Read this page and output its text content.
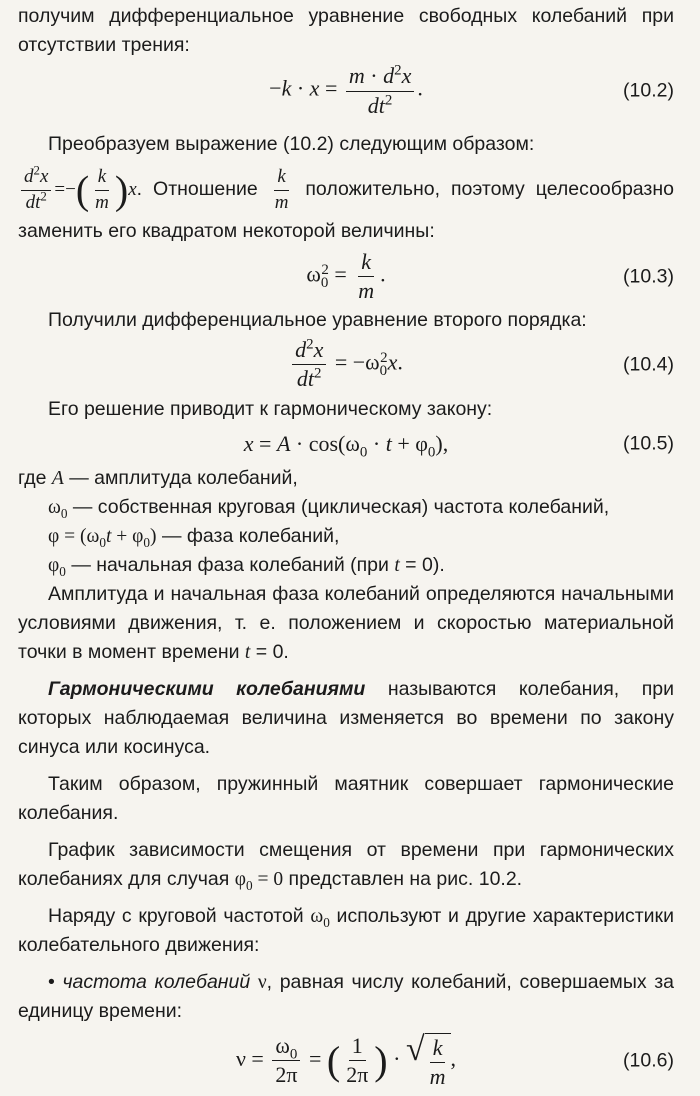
получим дифференциальное уравнение свободных колебаний при отсутствии трения:

$-k \cdot x = \frac{m \cdot d^2x}{dt^2}$ .	(10.2)

Преобразуем выражение (10.2) следующим образом:

$\frac{d^2x}{dt^2}$ =−( $\frac{k}{m} )x$. Отношение $\frac{k}{m}$ положительно, поэтому целесообразно заменить его квадратом некоторой величины:

$\omega_0^2 = \frac{k}{m}$ .	(10.3)

Получили дифференциальное уравнение второго порядка:

$\frac{d^2x}{dt^2} = -\omega_0^2x$.	(10.4)

Его решение приводит к гармоническому закону:

$x = A \cdot \cos(\omega_0 \cdot t + \varphi_0)$,	(10.5)

где A — амплитуда колебаний,

$\omega_0$ — собственная круговая (циклическая) частота колебаний,

$\varphi = (\omega_0t + \varphi_0)$ — фаза колебаний,

$\varphi_0$ — начальная фаза колебаний (при t = 0).

Амплитуда и начальная фаза колебаний определяются начальными условиями движения, т. е. положением и скоростью материальной точки в момент времени t = 0.

Гармоническими колебаниями называются колебания, при которых наблюдаемая величина изменяется во времени по закону синуса или косинуса.

Таким образом, пружинный маятник совершает гармонические колебания.

График зависимости смещения от времени при гармонических колебаниях для случая $\varphi_0 = 0$ представлен на рис. 10.2.

Наряду с круговой частотой $\omega_0$ используют и другие характеристики колебательного движения:

• частота колебаний ν, равная числу колебаний, совершаемых за единицу времени:

$\nu = \frac{\omega_0}{2\pi}$ = ( $\frac{1}{2\pi}$ ) · √ $\frac{k}{m}$ ,	(10.6)
